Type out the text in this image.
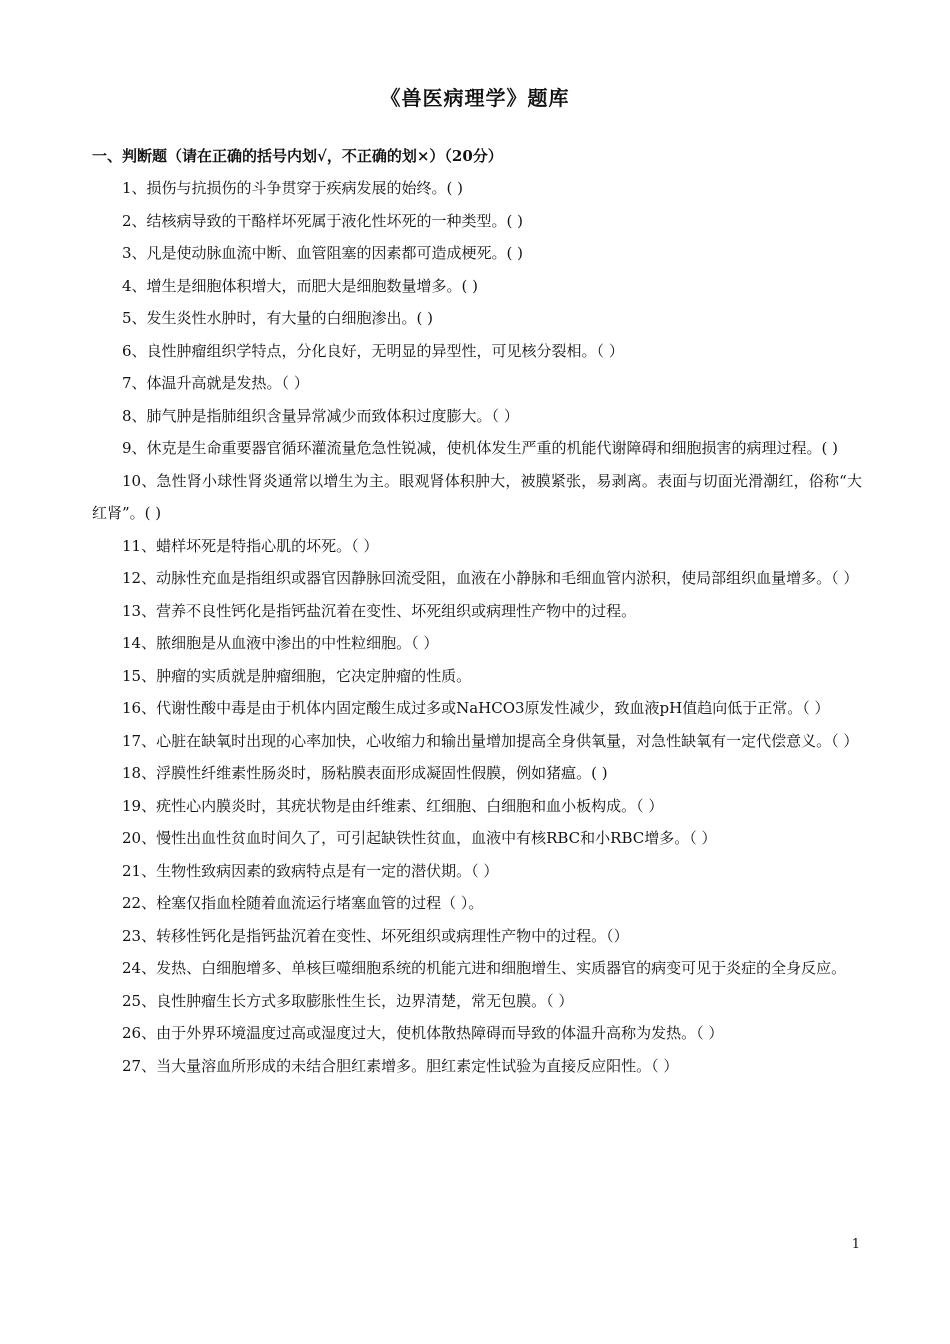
《兽医病理学》题库
一、判断题（请在正确的括号内划√，不正确的划×）（20分）

1、损伤与抗损伤的斗争贯穿于疾病发展的始终。( )

2、结核病导致的干酪样坏死属于液化性坏死的一种类型。( )

3、凡是使动脉血流中断、血管阻塞的因素都可造成梗死。( )

4、增生是细胞体积增大，而肥大是细胞数量增多。( )

5、发生炎性水肿时，有大量的白细胞渗出。( )

6、良性肿瘤组织学特点，分化良好，无明显的异型性，可见核分裂相。（ ）

7、体温升高就是发热。（ ）

8、肺气肿是指肺组织含量异常减少而致体积过度膨大。（ ）

9、休克是生命重要器官循环灌流量危急性锐减，使机体发生严重的机能代谢障碍和细胞损害的病理过程。( )

10、急性肾小球性肾炎通常以增生为主。眼观肾体积肿大，被膜紧张，易剥离。表面与切面光滑潮红，俗称“大红肾”。( )

11、蜡样坏死是特指心肌的坏死。（ ）

12、动脉性充血是指组织或器官因静脉回流受阻，血液在小静脉和毛细血管内淤积，使局部组织血量增多。（ ）

13、营养不良性钙化是指钙盐沉着在变性、坏死组织或病理性产物中的过程。

14、脓细胞是从血液中渗出的中性粒细胞。（ ）

15、肿瘤的实质就是肿瘤细胞，它决定肿瘤的性质。

16、代谢性酸中毒是由于机体内固定酸生成过多或NaHCO3原发性减少，致血液pH值趋向低于正常。（ ）

17、心脏在缺氧时出现的心率加快，心收缩力和输出量增加提高全身供氧量，对急性缺氧有一定代偿意义。（ ）

18、浮膜性纤维素性肠炎时，肠粘膜表面形成凝固性假膜，例如猪瘟。( )

19、疣性心内膜炎时，其疣状物是由纤维素、红细胞、白细胞和血小板构成。（ ）

20、慢性出血性贫血时间久了，可引起缺铁性贫血，血液中有核RBC和小RBC增多。（ ）

21、生物性致病因素的致病特点是有一定的潜伏期。（ ）

22、栓塞仅指血栓随着血流运行堵塞血管的过程（ ）。

23、转移性钙化是指钙盐沉着在变性、坏死组织或病理性产物中的过程。（）

24、发热、白细胞增多、单核巨噬细胞系统的机能亢进和细胞增生、实质器官的病变可见于炎症的全身反应。

25、良性肿瘤生长方式多取膨胀性生长，边界清楚，常无包膜。（ ）

26、由于外界环境温度过高或湿度过大，使机体散热障碍而导致的体温升高称为发热。（ ）

27、当大量溶血所形成的未结合胆红素增多。胆红素定性试验为直接反应阳性。（ ）

1
